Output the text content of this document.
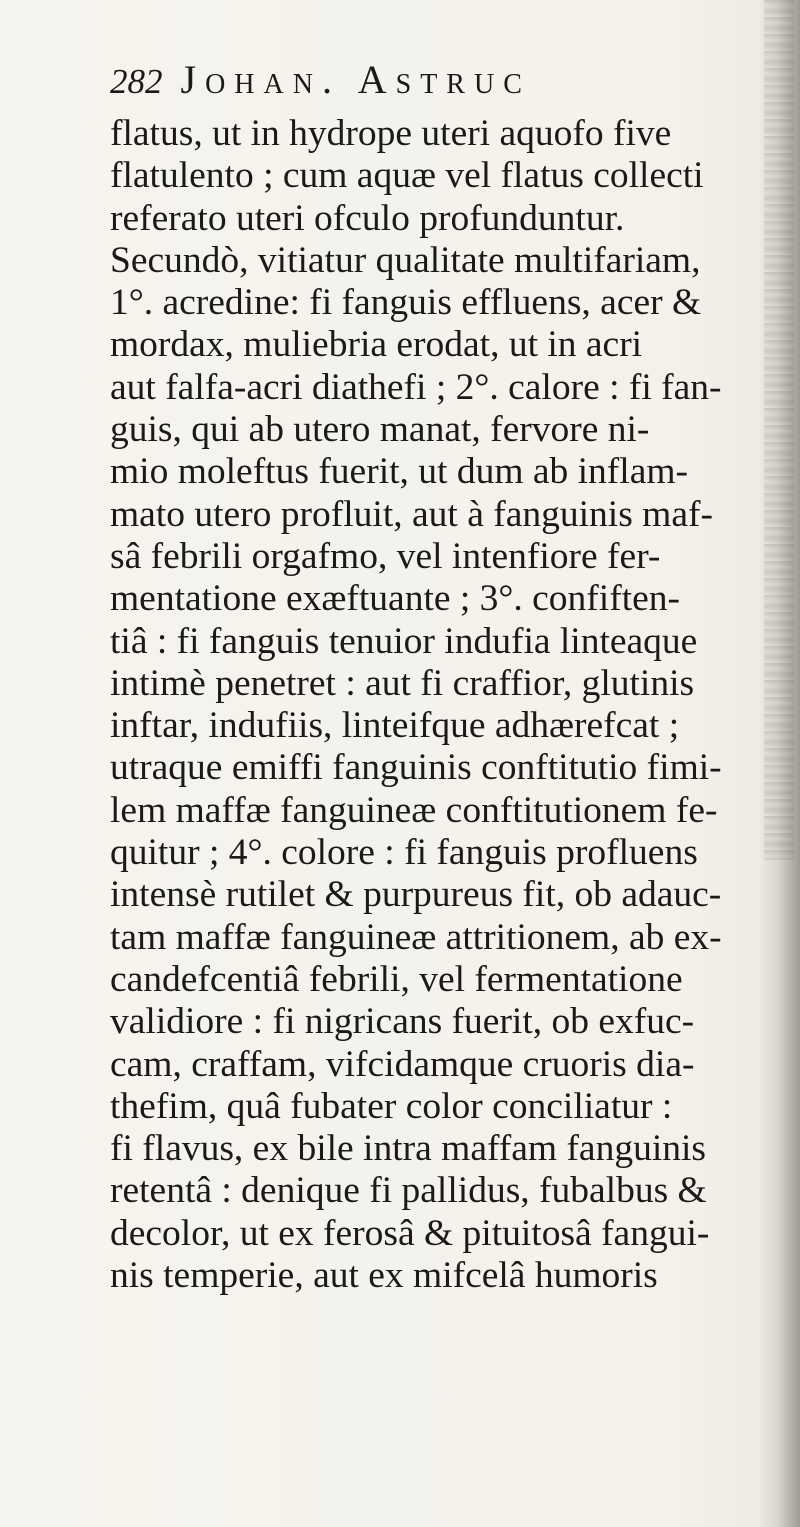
282 Johan. Astruc
flatus, ut in hydrope uteri aquofo five
flatulento ; cum aquæ vel flatus collecti
referato uteri ofculo profunduntur.
Secundò, vitiatur qualitate multifariam,
1°. acredine: fi fanguis effluens, acer &
mordax, muliebria erodat, ut in acri
aut falfa-acri diathefi ; 2°. calore : fi fan-
guis, qui ab utero manat, fervore ni-
mio moleftus fuerit, ut dum ab inflam-
mato utero profluit, aut à fanguinis maf-
sâ febrili orgafmo, vel intenfiore fer-
mentatione exæftuante ; 3°. confiften-
tiâ : fi fanguis tenuior indufia linteaque
intimè penetret : aut fi craffior, glutinis
inftar, indufiis, linteifque adhærefcat ;
utraque emiffi fanguinis conftitutio fimi-
lem maffæ fanguineæ conftitutionem fe-
quitur ; 4°. colore : fi fanguis profluens
intensè rutilet & purpureus fit, ob adauc-
tam maffæ fanguineæ attritionem, ab ex-
candefcentiâ febrili, vel fermentatione
validiore : fi nigricans fuerit, ob exfuc-
cam, craffam, vifcidamque cruoris dia-
thefim, quâ fubater color conciliatur :
fi flavus, ex bile intra maffam fanguinis
retentâ : denique fi pallidus, fubalbus &
decolor, ut ex ferosâ & pituitosâ fangui-
nis temperie, aut ex mifcelâ humoris
